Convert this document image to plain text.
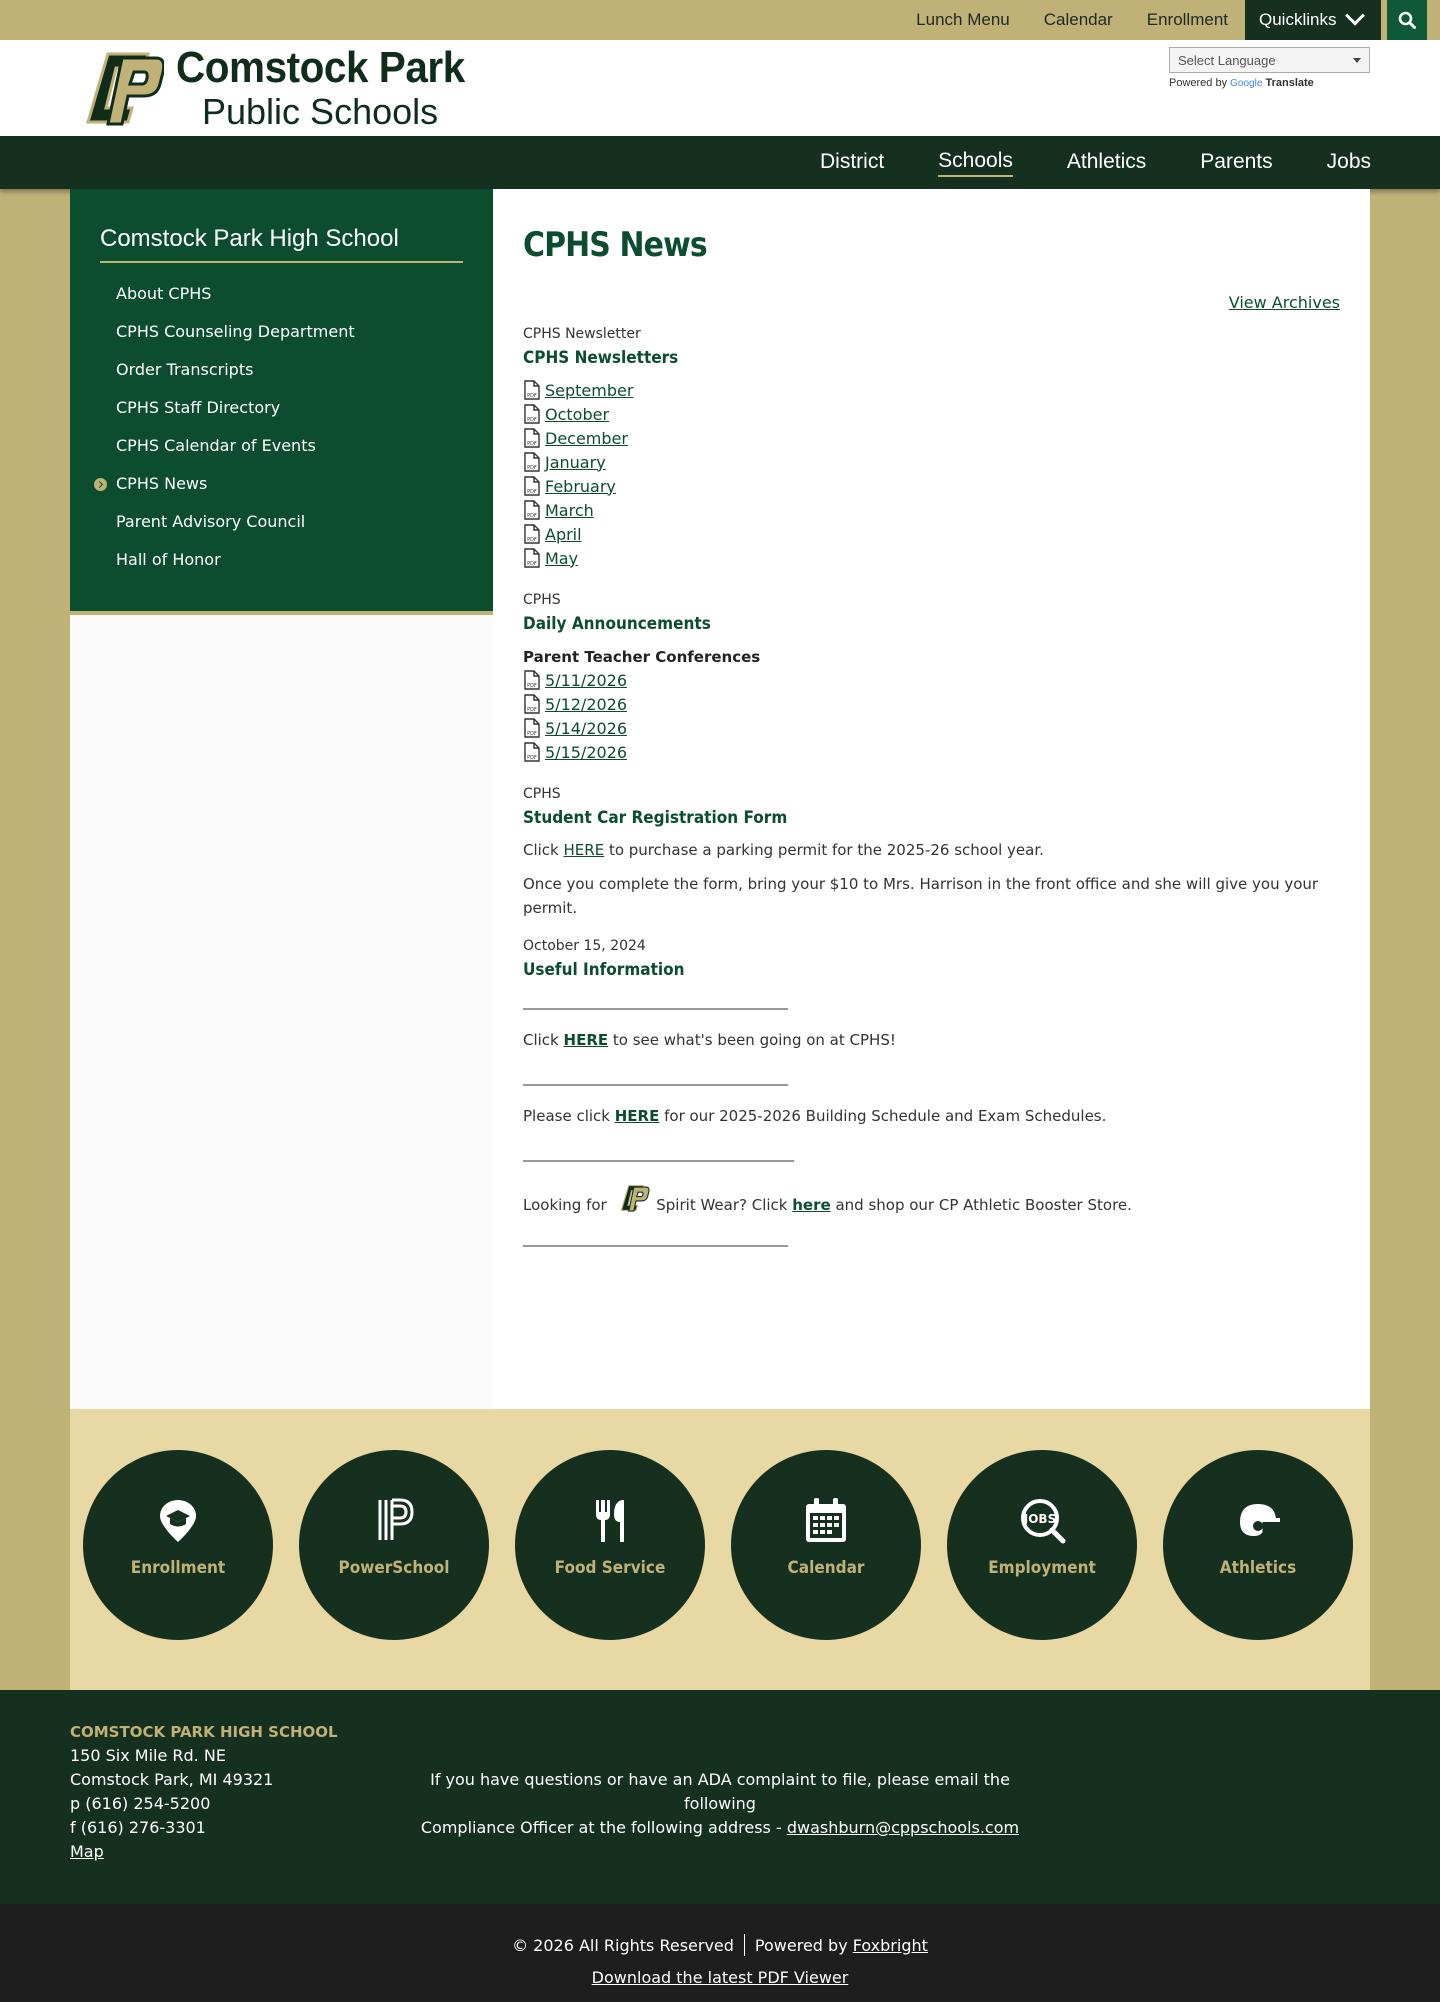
Lunch Menu	Calendar	Enrollment	Quicklinks
Comstock Park
Public Schools
Select Language
Powered by Google Translate
District	Schools	Athletics	Parents	Jobs
Comstock Park High School
About CPHS
CPHS Counseling Department
Order Transcripts
CPHS Staff Directory
CPHS Calendar of Events
CPHS News
Parent Advisory Council
Hall of Honor
CPHS News
View Archives
CPHS Newsletter
CPHS Newsletters
PDF September
PDF October
PDF December
PDF January
PDF February
PDF March
PDF April
PDF May
CPHS
Daily Announcements
Parent Teacher Conferences
PDF 5/11/2026
PDF 5/12/2026
PDF 5/14/2026
PDF 5/15/2026
CPHS
Student Car Registration Form

Click HERE to purchase a parking permit for the 2025-26 school year.

Once you complete the form, bring your $10 to Mrs. Harrison in the front office and she will give you your permit.

October 15, 2024
Useful Information
____________________________________________

Click HERE to see what's been going on at CPHS!

____________________________________________

Please click HERE for our 2025-2026 Building Schedule and Exam Schedules.

_____________________________________________

Looking for	Spirit Wear? Click here and shop our CP Athletic Booster Store.

____________________________________________
Enrollment	PowerSchool	Food Service	Calendar
JOBS
Employment	Athletics
COMSTOCK PARK HIGH SCHOOL
150 Six Mile Rd. NE
Comstock Park, MI 49321
p (616) 254-5200
f (616) 276-3301
Map
If you have questions or have an ADA complaint to file, please email the following
Compliance Officer at the following address - dwashburn@cppschools.com
© 2026 All Rights Reserved Powered by
Foxbright
Download the latest PDF Viewer
